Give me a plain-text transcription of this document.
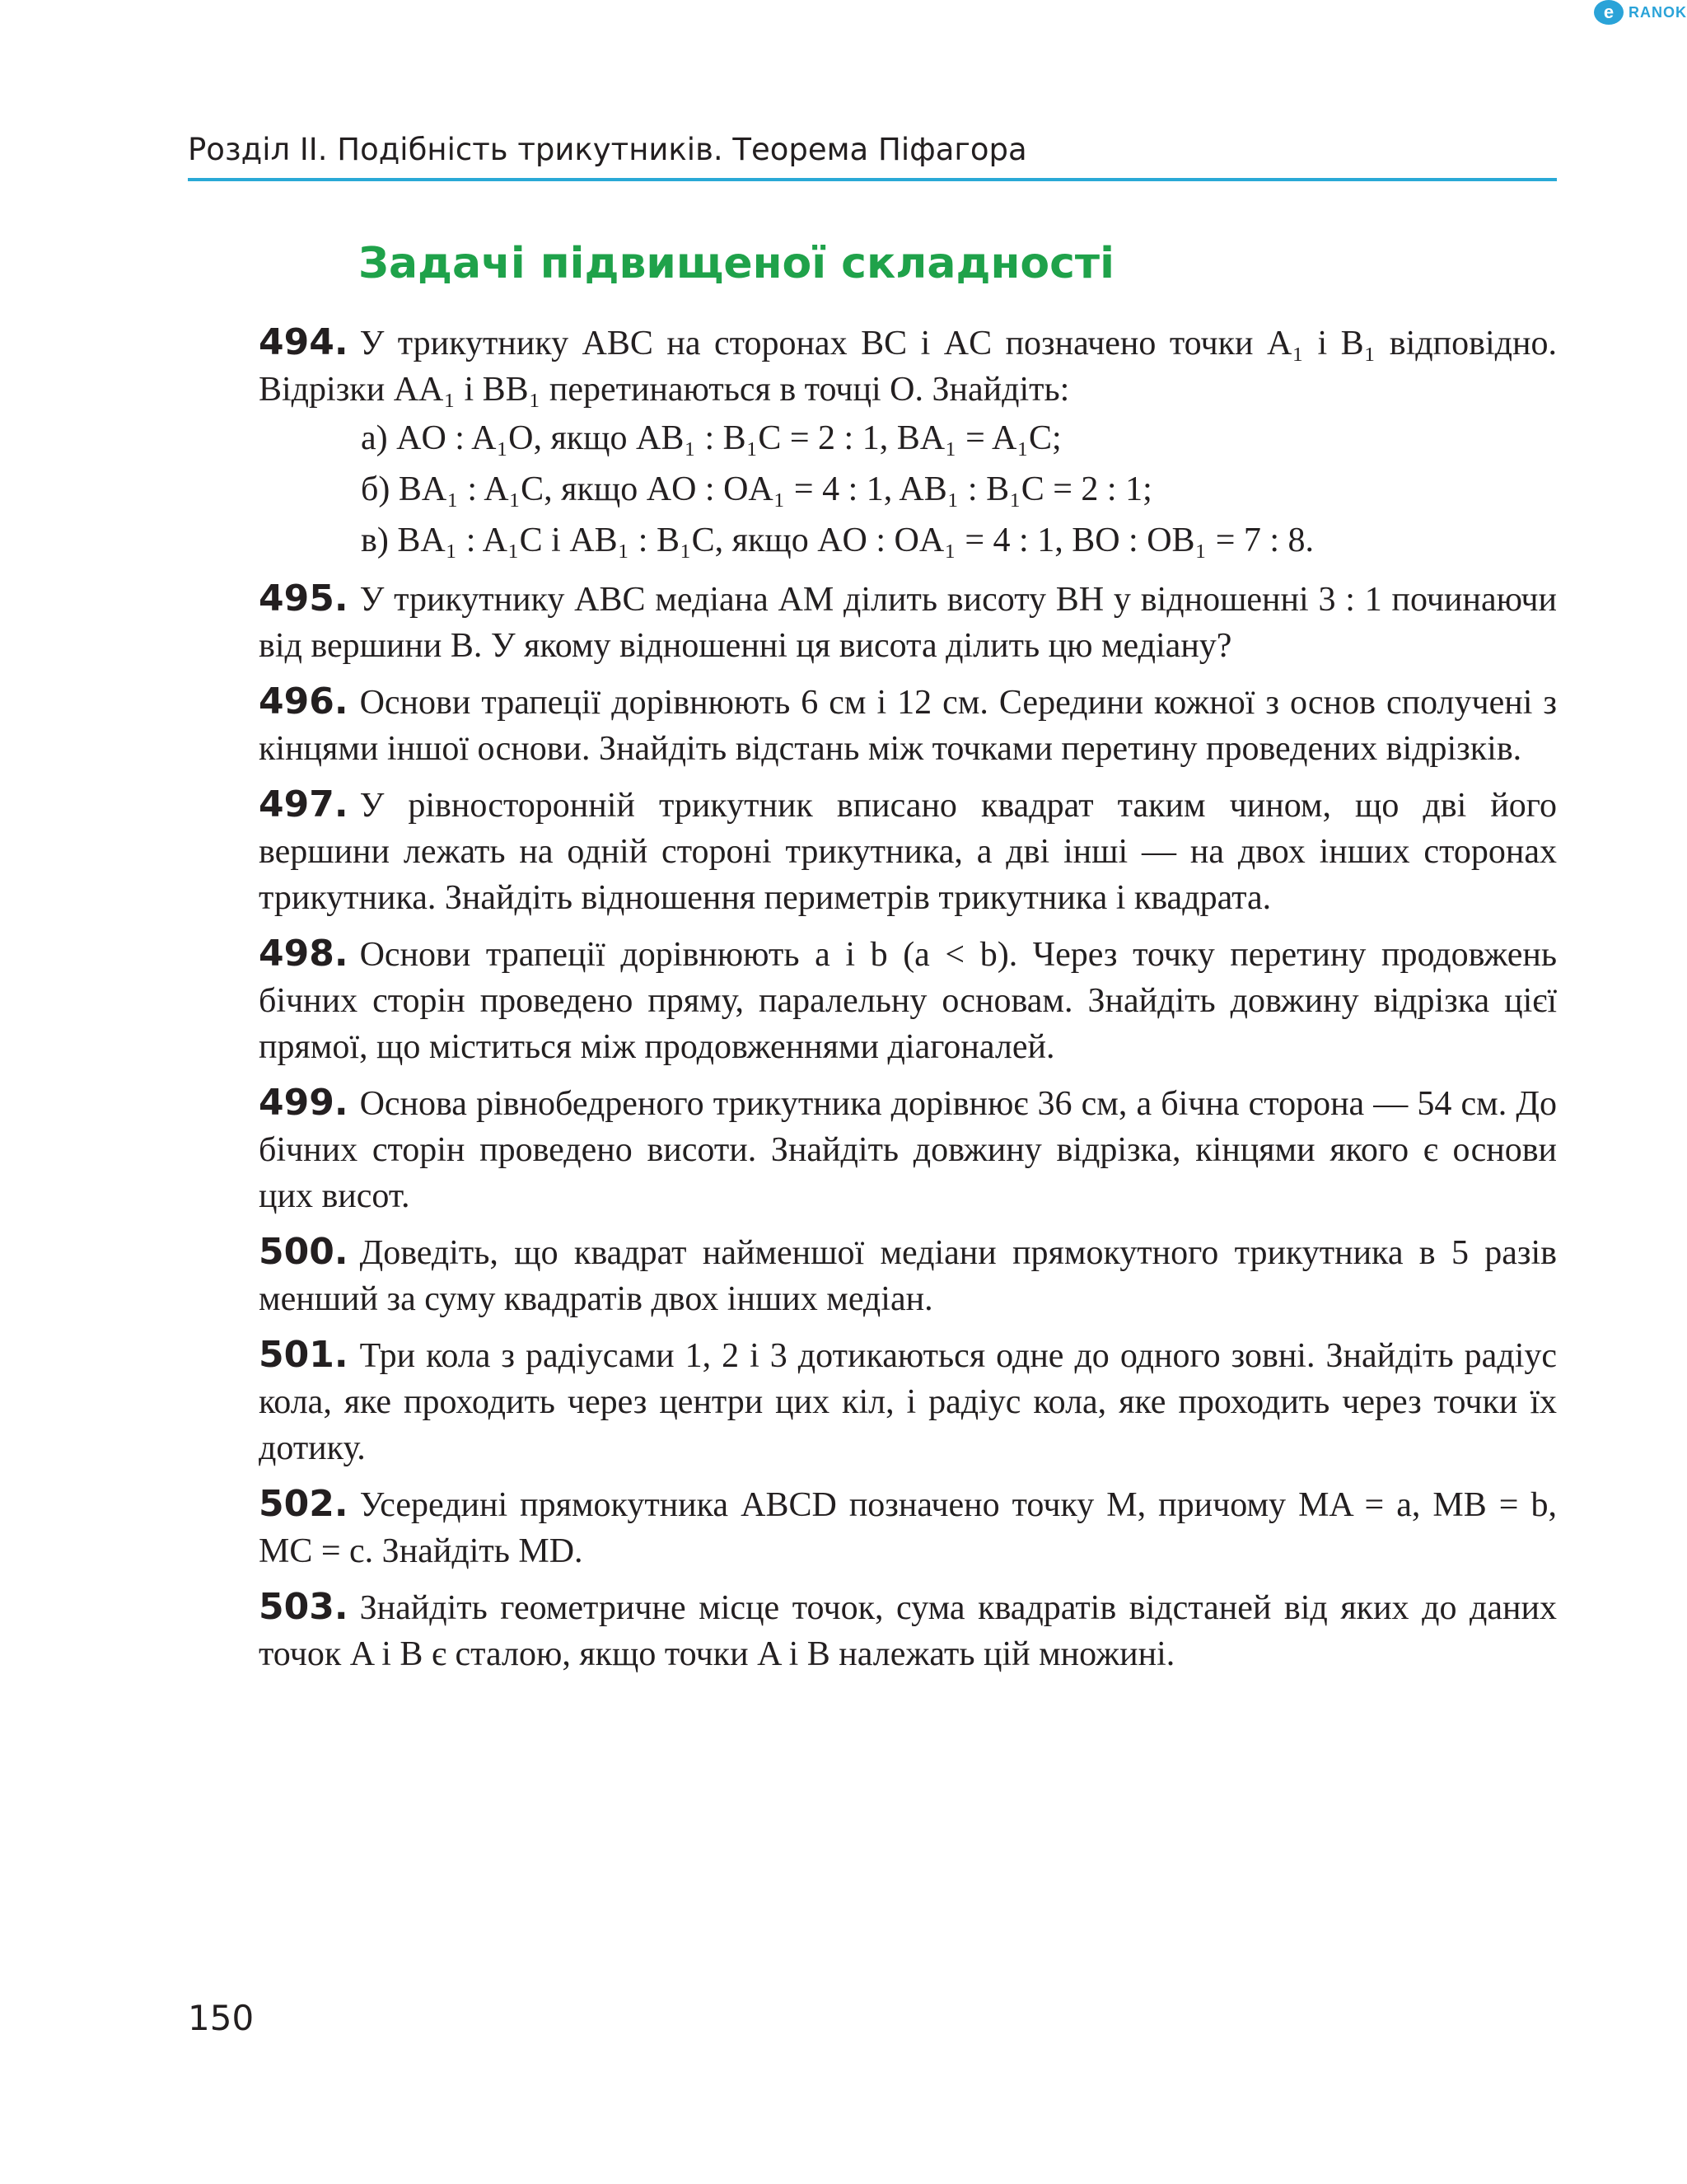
e RANOK
Розділ II. Подібність трикутників. Теорема Піфагора
Задачі підвищеної складності
494. У трикутнику ABC на сторонах BC і AC позначено точки A₁ і B₁ відповідно. Відрізки AA₁ і BB₁ перетинаються в точці O. Знайдіть:
а) AO : A₁O, якщо AB₁ : B₁C = 2 : 1, BA₁ = A₁C;
б) BA₁ : A₁C, якщо AO : OA₁ = 4 : 1, AB₁ : B₁C = 2 : 1;
в) BA₁ : A₁C і AB₁ : B₁C, якщо AO : OA₁ = 4 : 1, BO : OB₁ = 7 : 8.
495. У трикутнику ABC медіана AM ділить висоту BH у відношенні 3 : 1 починаючи від вершини B. У якому відношенні ця висота ділить цю медіану?
496. Основи трапеції дорівнюють 6 см і 12 см. Середини кожної з основ сполучені з кінцями іншої основи. Знайдіть відстань між точками перетину проведених відрізків.
497. У рівносторонній трикутник вписано квадрат таким чином, що дві його вершини лежать на одній стороні трикутника, а дві інші — на двох інших сторонах трикутника. Знайдіть відношення периметрів трикутника і квадрата.
498. Основи трапеції дорівнюють a і b (a < b). Через точку перетину продовжень бічних сторін проведено пряму, паралельну основам. Знайдіть довжину відрізка цієї прямої, що міститься між продовженнями діагоналей.
499. Основа рівнобедреного трикутника дорівнює 36 см, а бічна сторона — 54 см. До бічних сторін проведено висоти. Знайдіть довжину відрізка, кінцями якого є основи цих висот.
500. Доведіть, що квадрат найменшої медіани прямокутного трикутника в 5 разів менший за суму квадратів двох інших медіан.
501. Три кола з радіусами 1, 2 і 3 дотикаються одне до одного зовні. Знайдіть радіус кола, яке проходить через центри цих кіл, і радіус кола, яке проходить через точки їх дотику.
502. Усередині прямокутника ABCD позначено точку M, причому MA = a, MB = b, MC = c. Знайдіть MD.
503. Знайдіть геометричне місце точок, сума квадратів відстаней від яких до даних точок A і B є сталою, якщо точки A і B належать цій множині.
150
